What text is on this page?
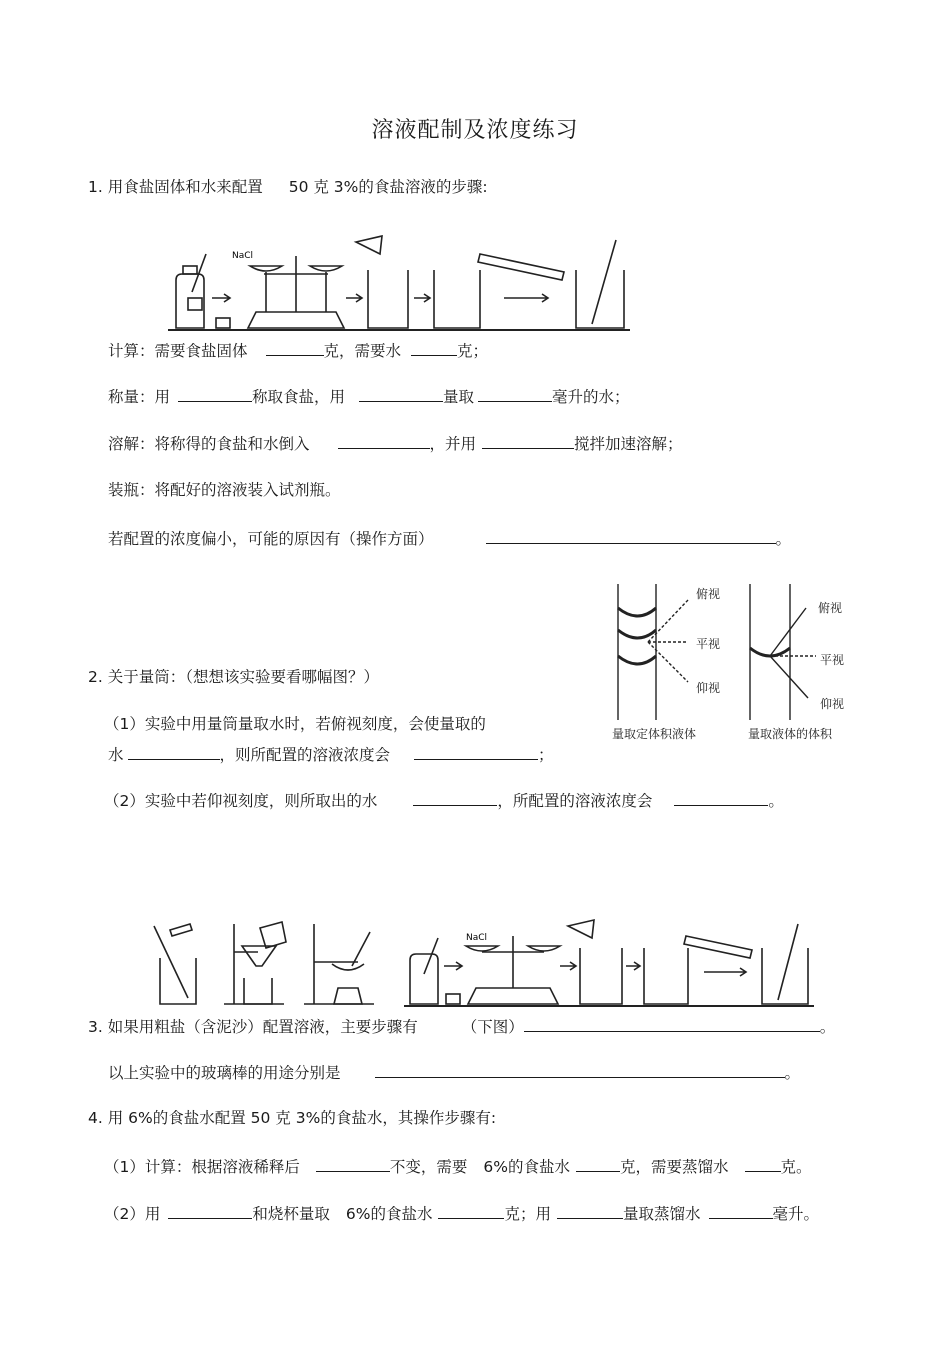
溶液配制及浓度练习
1. 用食盐固体和水来配置 50 克 3%的食盐溶液的步骤:
NaCl
计算：需要食盐固体	克，需要水	克；
称量：用	称取食盐，用	量取	毫升的水；
溶解：将称得的食盐和水倒入	，并用	搅拌加速溶解；
装瓶：将配好的溶液装入试剂瓶。
若配置的浓度偏小，可能的原因有（操作方面）	。
俯视
平视
仰视
俯视
平视
仰视
量取定体积液体	量取液体的体积
2. 关于量筒：（想想该实验要看哪幅图？）
（1）实验中用量筒量取水时，若俯视刻度，会使量取的
水	，则所配置的溶液浓度会	；
（2）实验中若仰视刻度，则所取出的水	，所配置的溶液浓度会	。
NaCl
3. 如果用粗盐（含泥沙）配置溶液，主要步骤有	（下图）	。
以上实验中的玻璃棒的用途分别是	。
4. 用 6%的食盐水配置 50 克 3%的食盐水，其操作步骤有:
（1）计算：根据溶液稀释后	不变，需要 6%的食盐水	克，需要蒸馏水	克。
（2）用	和烧杯量取 6%的食盐水	克；用	量取蒸馏水	毫升。
